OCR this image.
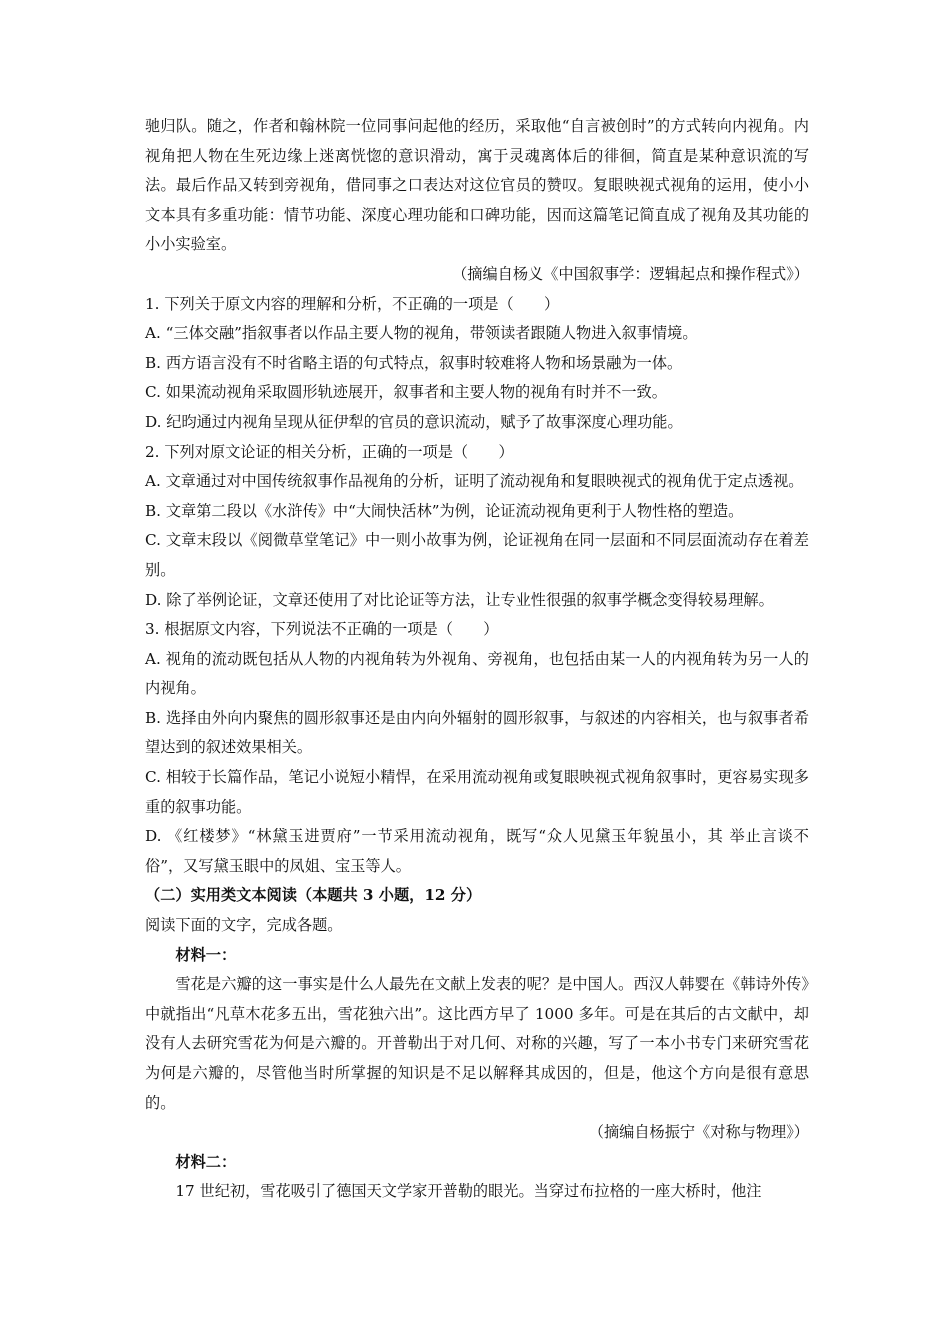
驰归队。随之，作者和翰林院一位同事问起他的经历，采取他“自言被创时”的方式转向内视角。内视角把人物在生死边缘上迷离恍惚的意识滑动，寓于灵魂离体后的徘徊，简直是某种意识流的写法。最后作品又转到旁视角，借同事之口表达对这位官员的赞叹。复眼映视式视角的运用，使小小文本具有多重功能：情节功能、深度心理功能和口碑功能，因而这篇笔记简直成了视角及其功能的小小实验室。

（摘编自杨义《中国叙事学：逻辑起点和操作程式》）

1. 下列关于原文内容的理解和分析，不正确的一项是（　　）

A. “三体交融”指叙事者以作品主要人物的视角，带领读者跟随人物进入叙事情境。

B. 西方语言没有不时省略主语的句式特点，叙事时较难将人物和场景融为一体。

C. 如果流动视角采取圆形轨迹展开，叙事者和主要人物的视角有时并不一致。

D. 纪昀通过内视角呈现从征伊犁的官员的意识流动，赋予了故事深度心理功能。

2. 下列对原文论证的相关分析，正确的一项是（　　）

A. 文章通过对中国传统叙事作品视角的分析，证明了流动视角和复眼映视式的视角优于定点透视。

B. 文章第二段以《水浒传》中“大闹快活林”为例，论证流动视角更利于人物性格的塑造。

C. 文章末段以《阅微草堂笔记》中一则小故事为例，论证视角在同一层面和不同层面流动存在着差别。

D. 除了举例论证，文章还使用了对比论证等方法，让专业性很强的叙事学概念变得较易理解。

3. 根据原文内容，下列说法不正确的一项是（　　）

A. 视角的流动既包括从人物的内视角转为外视角、旁视角，也包括由某一人的内视角转为另一人的内视角。

B. 选择由外向内聚焦的圆形叙事还是由内向外辐射的圆形叙事，与叙述的内容相关，也与叙事者希望达到的叙述效果相关。

C. 相较于长篇作品，笔记小说短小精悍，在采用流动视角或复眼映视式视角叙事时，更容易实现多重的叙事功能。

D. 《红楼梦》“林黛玉进贾府”一节采用流动视角，既写“众人见黛玉年貌虽小，其 举止言谈不俗”，又写黛玉眼中的凤姐、宝玉等人。

（二）实用类文本阅读（本题共 3 小题，12 分）

阅读下面的文字，完成各题。

材料一：

雪花是六瓣的这一事实是什么人最先在文献上发表的呢？是中国人。西汉人韩婴在《韩诗外传》中就指出“凡草木花多五出，雪花独六出”。这比西方早了 1000 多年。可是在其后的古文献中，却没有人去研究雪花为何是六瓣的。开普勒出于对几何、对称的兴趣，写了一本小书专门来研究雪花为何是六瓣的，尽管他当时所掌握的知识是不足以解释其成因的，但是，他这个方向是很有意思的。

（摘编自杨振宁《对称与物理》）

材料二：

17 世纪初，雪花吸引了德国天文学家开普勒的眼光。当穿过布拉格的一座大桥时，他注
